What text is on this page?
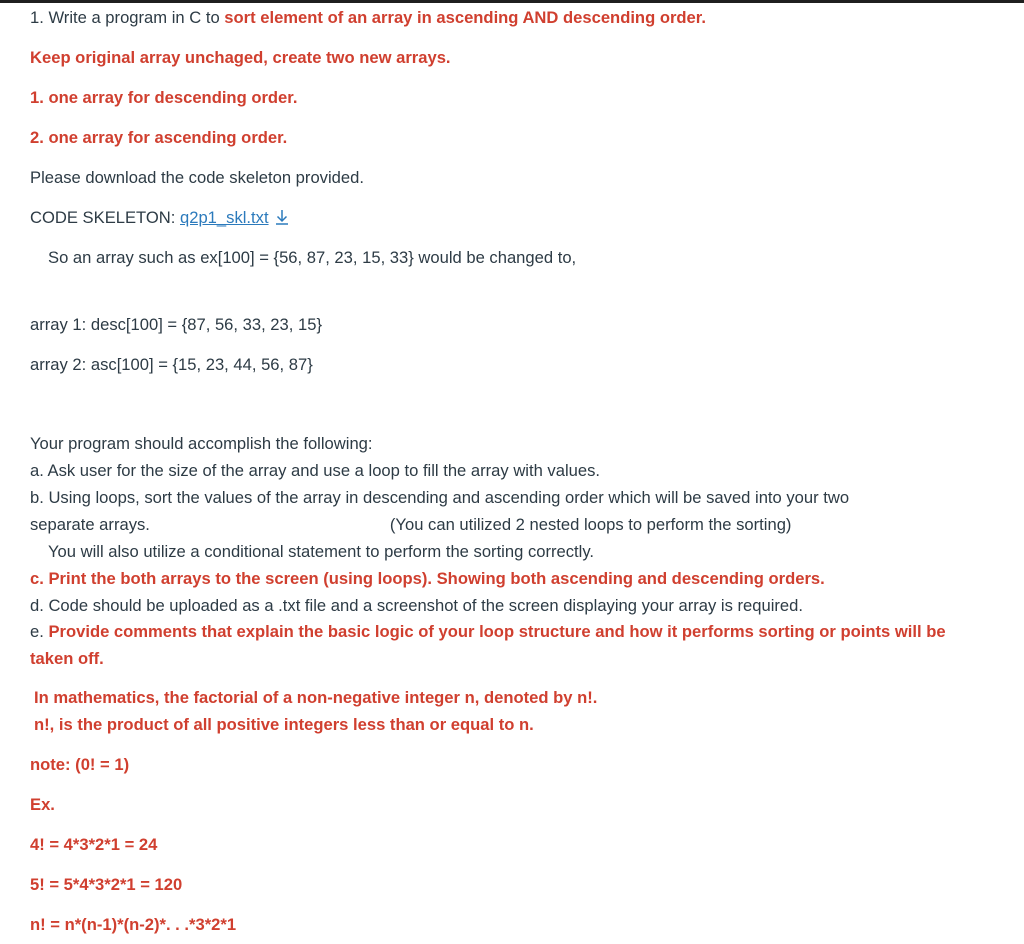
1. Write a program in C to sort element of an array in ascending AND descending order.
Keep original array unchaged, create two new arrays.
1. one array for descending order.
2. one array for ascending order.
Please download the code skeleton provided.
CODE SKELETON: q2p1_skl.txt
So an array such as ex[100] = {56, 87, 23, 15, 33} would be changed to,
array 1: desc[100] = {87, 56, 33, 23, 15}
array 2: asc[100] = {15, 23, 44, 56, 87}
Your program should accomplish the following:
a. Ask user for the size of the array and use a loop to fill the array with values.
b. Using loops, sort the values of the array in descending and ascending order which will be saved into your two
separate arrays.	(You can utilized 2 nested loops to perform the sorting)
You will also utilize a conditional statement to perform the sorting correctly.
c. Print the both arrays to the screen (using loops). Showing both ascending and descending orders.
d. Code should be uploaded as a .txt file and a screenshot of the screen displaying your array is required.
e. Provide comments that explain the basic logic of your loop structure and how it performs sorting or points will be
taken off.
In mathematics, the factorial of a non-negative integer n, denoted by n!.
n!, is the product of all positive integers less than or equal to n.
note: (0! = 1)
Ex.
4! = 4*3*2*1 = 24
5! = 5*4*3*2*1 = 120
n! = n*(n-1)*(n-2)*. . .*3*2*1
